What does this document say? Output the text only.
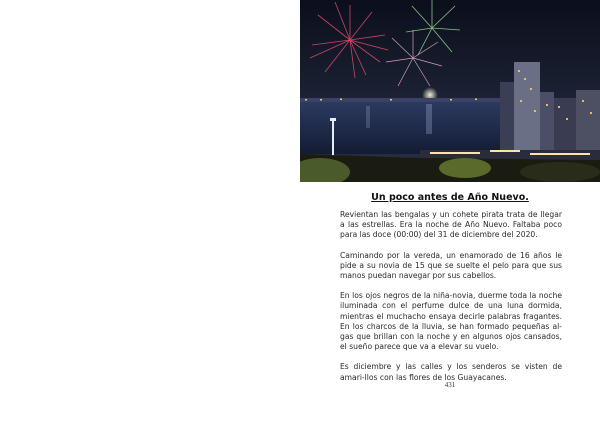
Un poco antes de Año Nuevo.

Revientan las bengalas y un cohete pirata trata de llegar a las estrellas. Era la noche de Año Nuevo. Faltaba poco para las doce (00:00) del 31 de diciembre del 2020.

Caminando por la vereda, un enamorado de 16 años le pide a su novia de 15 que se suelte el pelo para que sus manos puedan navegar por sus cabellos.

En los ojos negros de la niña-novia, duerme toda la noche iluminada con el perfume dulce de una luna dormida, mientras el muchacho ensaya decirle palabras fragantes. En los charcos de la lluvia, se han formado pequeñas al-gas que brillan con la noche y en algunos ojos cansados, el sueño parece que va a elevar su vuelo.

Es diciembre y las calles y los senderos se visten de amari-llos con las flores de los Guayacanes.

431
